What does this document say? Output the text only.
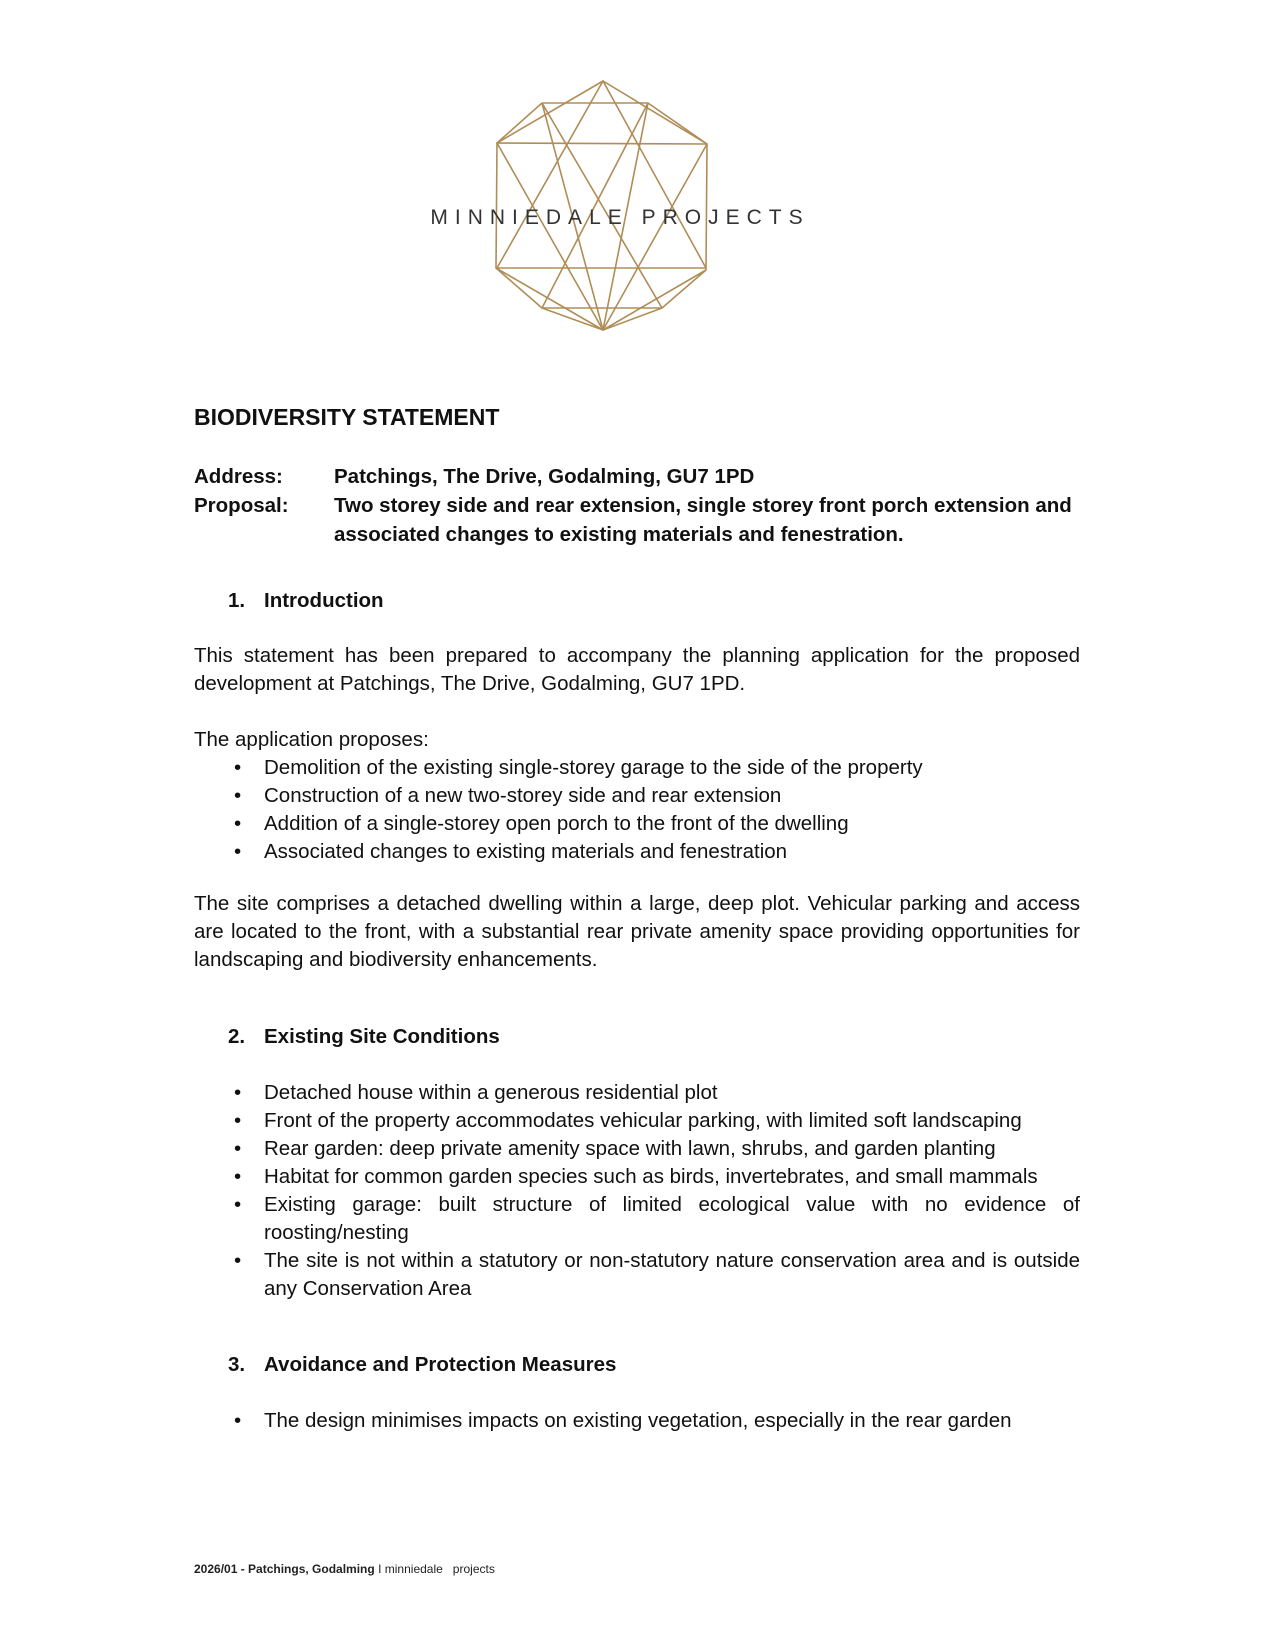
MINNIEDALE PROJECTS
BIODIVERSITY STATEMENT
Address:	Patchings, The Drive, Godalming, GU7 1PD
Proposal:	Two storey side and rear extension, single storey front porch extension and associated changes to existing materials and fenestration.
1. Introduction

This statement has been prepared to accompany the planning application for the proposed development at Patchings, The Drive, Godalming, GU7 1PD.

The application proposes:

• Demolition of the existing single-storey garage to the side of the property
• Construction of a new two-storey side and rear extension
• Addition of a single-storey open porch to the front of the dwelling
• Associated changes to existing materials and fenestration

The site comprises a detached dwelling within a large, deep plot. Vehicular parking and access are located to the front, with a substantial rear private amenity space providing opportunities for landscaping and biodiversity enhancements.

2. Existing Site Conditions
• Detached house within a generous residential plot
• Front of the property accommodates vehicular parking, with limited soft landscaping
• Rear garden: deep private amenity space with lawn, shrubs, and garden planting
• Habitat for common garden species such as birds, invertebrates, and small mammals
• Existing garage: built structure of limited ecological value with no evidence of roosting/nesting
• The site is not within a statutory or non-statutory nature conservation area and is outside any Conservation Area
3. Avoidance and Protection Measures
• The design minimises impacts on existing vegetation, especially in the rear garden
2026/01 - Patchings, Godalming I minniedale   projects
